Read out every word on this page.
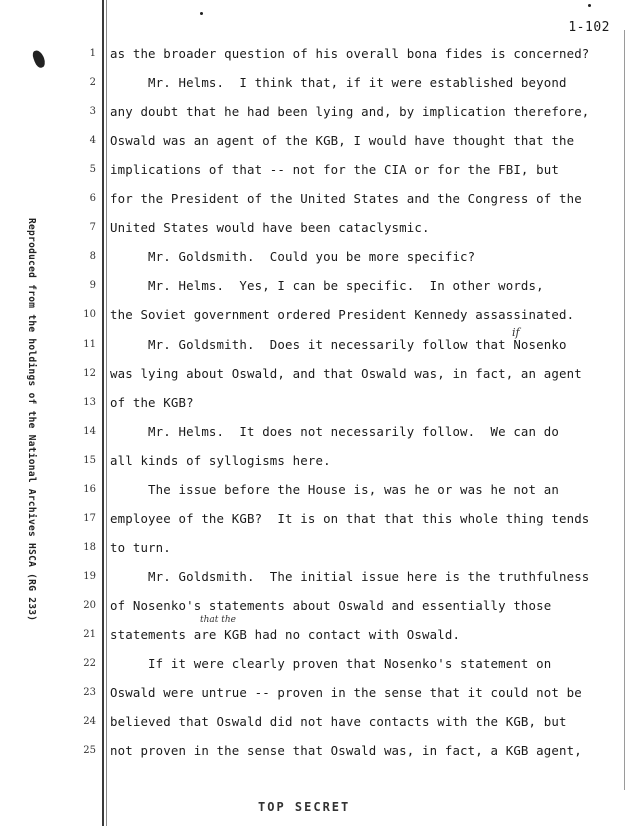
1-102
Reproduced from the holdings of the National Archives HSCA (RG 233)
1 as the broader question of his overall bona fides is concerned?
2 Mr. Helms.  I think that, if it were established beyond
3 any doubt that he had been lying and, by implication therefore,
4 Oswald was an agent of the KGB, I would have thought that the
5 implications of that -- not for the CIA or for the FBI, but
6 for the President of the United States and the Congress of the
7 United States would have been cataclysmic.
8 Mr. Goldsmith.  Could you be more specific?
9 Mr. Helms.  Yes, I can be specific.  In other words,
10 the Soviet government ordered President Kennedy assassinated.
11 Mr. Goldsmith.  Does it necessarily follow that Nosenko
12 was lying about Oswald, and that Oswald was, in fact, an agent
13 of the KGB?
14 Mr. Helms.  It does not necessarily follow.  We can do
15 all kinds of syllogisms here.
16 The issue before the House is, was he or was he not an
17 employee of the KGB?  It is on that that this whole thing tends
18 to turn.
19 Mr. Goldsmith.  The initial issue here is the truthfulness
20 of Nosenko's statements about Oswald and essentially those
21 statements are KGB had no contact with Oswald.
22 If it were clearly proven that Nosenko's statement on
23 Oswald were untrue -- proven in the sense that it could not be
24 believed that Oswald did not have contacts with the KGB, but
25 not proven in the sense that Oswald was, in fact, a KGB agent,
if
that the
TOP SECRET
